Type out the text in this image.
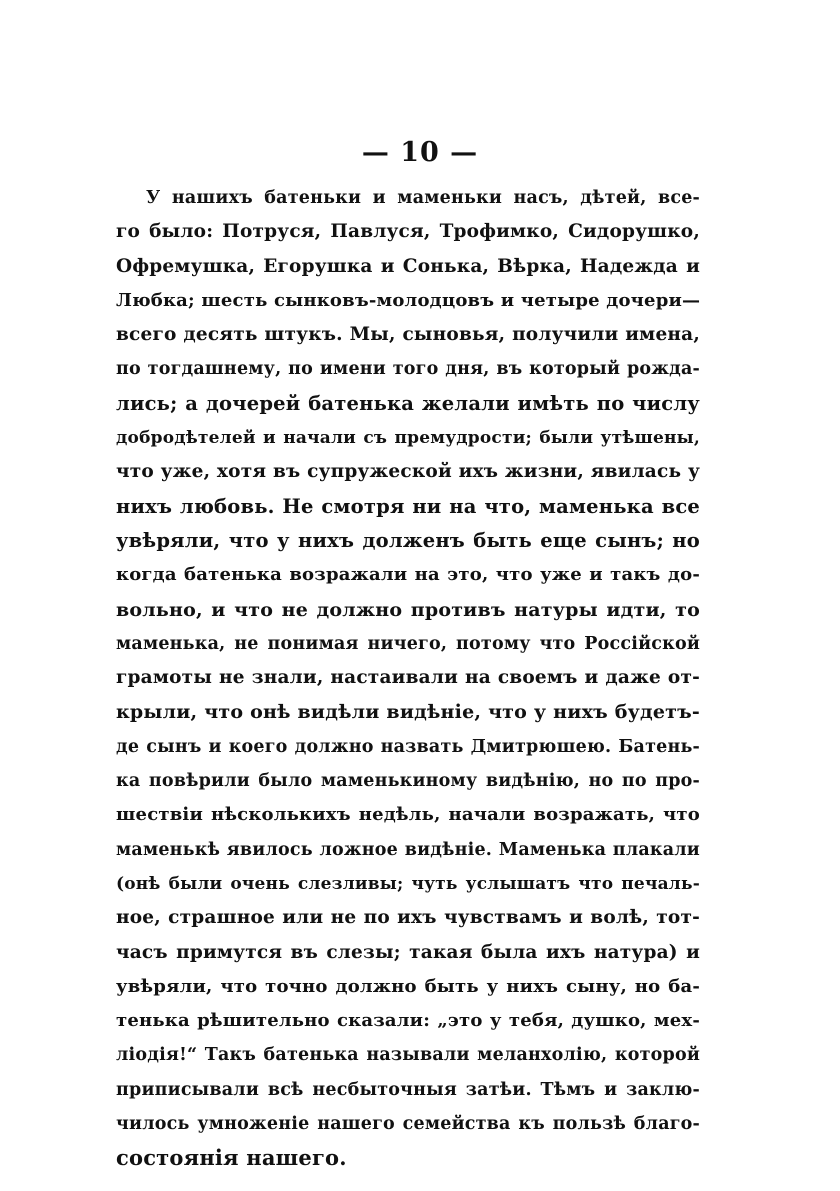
— 10 —
У нашихъ батеньки и маменьки насъ, дѣтей, все-
го было: Потруся, Павлуся, Трофимко, Сидорушко,
Офремушка, Егорушка и Сонька, Вѣрка, Надежда и
Любка; шесть сынковъ-молодцовъ и четыре дочери—
всего десять штукъ. Мы, сыновья, получили имена,
по тогдашнему, по имени того дня, въ который рожда-
лись; а дочерей батенька желали имѣть по числу
добродѣтелей и начали съ премудрости; были утѣшены,
что уже, хотя въ супружеской ихъ жизни, явилась у
нихъ любовь. Не смотря ни на что, маменька все
увѣряли, что у нихъ долженъ быть еще сынъ; но
когда батенька возражали на это, что уже и такъ до-
вольно, и что не должно противъ натуры идти, то
маменька, не понимая ничего, потому что Россійской
грамоты не знали, настаивали на своемъ и даже от-
крыли, что онѣ видѣли видѣніе, что у нихъ будетъ-
де сынъ и коего должно назвать Дмитрюшею. Батень-
ка повѣрили было маменькиному видѣнію, но по про-
шествіи нѣсколькихъ недѣль, начали возражать, что
маменькѣ явилось ложное видѣніе. Маменька плакали
(онѣ были очень слезливы; чуть услышатъ что печаль-
ное, страшное или не по ихъ чувствамъ и волѣ, тот-
часъ примутся въ слезы; такая была ихъ натура) и
увѣряли, что точно должно быть у нихъ сыну, но ба-
тенька рѣшительно сказали: „это у тебя, душко, мех-
лiодія!“ Такъ батенька называли меланхолію, которой
приписывали всѣ несбыточныя затѣи. Тѣмъ и заклю-
чилось умноженіе нашего семейства къ пользѣ благо-
состоянія нашего.
